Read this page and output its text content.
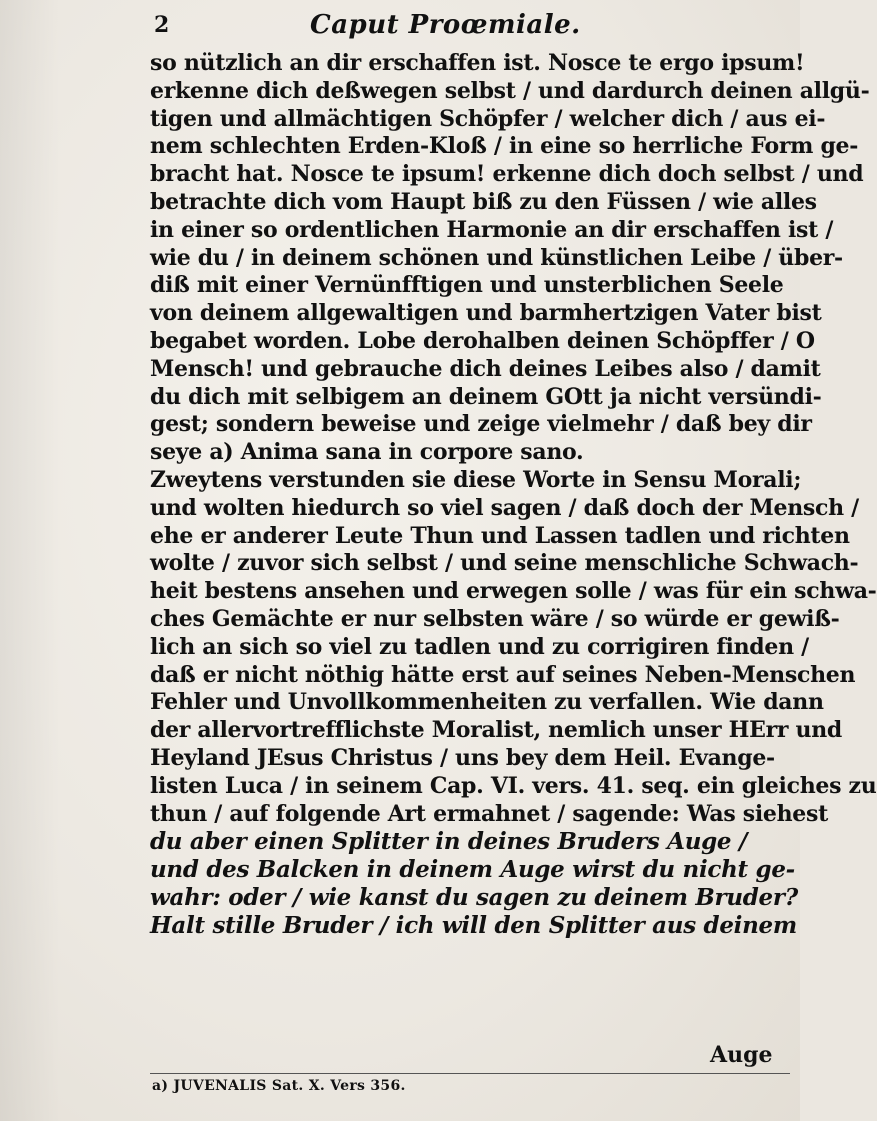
2	Caput Proœmiale.
so nützlich an dir erschaffen ist. Nosce te ergo ipsum!
erkenne dich deßwegen selbst / und dardurch deinen allgü-
tigen und allmächtigen Schöpfer / welcher dich / aus ei-
nem schlechten Erden-Kloß / in eine so herrliche Form ge-
bracht hat. Nosce te ipsum! erkenne dich doch selbst / und
betrachte dich vom Haupt biß zu den Füssen / wie alles
in einer so ordentlichen Harmonie an dir erschaffen ist /
wie du / in deinem schönen und künstlichen Leibe / über-
diß mit einer Vernünfftigen und unsterblichen Seele
von deinem allgewaltigen und barmhertzigen Vater bist
begabet worden. Lobe derohalben deinen Schöpffer / O
Mensch! und gebrauche dich deines Leibes also / damit
du dich mit selbigem an deinem GOtt ja nicht versündi-
gest; sondern beweise und zeige vielmehr / daß bey dir
seye a) Anima sana in corpore sano.
Zweytens verstunden sie diese Worte in Sensu Morali;
und wolten hiedurch so viel sagen / daß doch der Mensch /
ehe er anderer Leute Thun und Lassen tadlen und richten
wolte / zuvor sich selbst / und seine menschliche Schwach-
heit bestens ansehen und erwegen solle / was für ein schwa-
ches Gemächte er nur selbsten wäre / so würde er gewiß-
lich an sich so viel zu tadlen und zu corrigiren finden /
daß er nicht nöthig hätte erst auf seines Neben-Menschen
Fehler und Unvollkommenheiten zu verfallen. Wie dann
der allervortrefflichste Moralist, nemlich unser HErr und
Heyland JEsus Christus / uns bey dem Heil. Evange-
listen Luca / in seinem Cap. VI. vers. 41. seq. ein gleiches zu
thun / auf folgende Art ermahnet / sagende: Was siehest
du aber einen Splitter in deines Bruders Auge /
und des Balcken in deinem Auge wirst du nicht ge-
wahr: oder / wie kanst du sagen zu deinem Bruder?
Halt stille Bruder / ich will den Splitter aus deinem
Auge
a) JUVENALIS Sat. X. Vers 356.
